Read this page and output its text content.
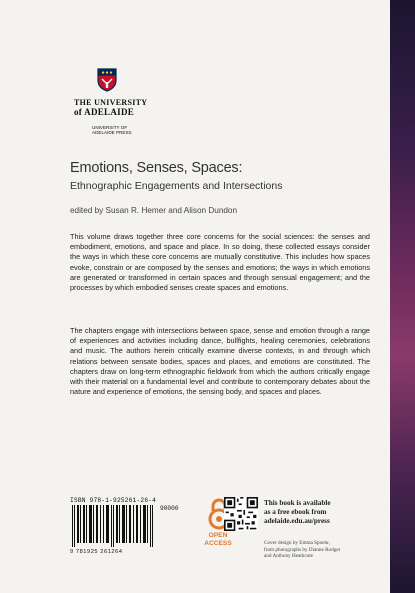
THE UNIVERSITY
of ADELAIDE
UNIVERSITY OF
ADELAIDE PRESS
Emotions, Senses, Spaces:
Ethnographic Engagements and Intersections
edited by Susan R. Hemer and Alison Dundon
This volume draws together three core concerns for the social sciences: the senses and embodiment, emotions, and space and place. In so doing, these collected essays consider the ways in which these core concerns are mutually constitutive. This includes how spaces evoke, constrain or are composed by the senses and emotions; the ways in which emotions are generated or transformed in certain spaces and through sensual engagement; and the processes by which embodied senses create spaces and emotions.
The chapters engage with intersections between space, sense and emotion through a range of experiences and activities including dance, bullfights, healing ceremonies, celebrations and music. The authors herein critically examine diverse contexts, in and through which relations between sensate bodies, spaces and places, and emotions are constituted. The chapters draw on long-term ethnographic fieldwork from which the authors critically engage with their material on a fundamental level and contribute to contemporary debates about the nature and experience of emotions, the sensing body, and spaces and places.
ISBN 978-1-925261-26-4
90000
9 781925 261264
OPEN
ACCESS
This book is available
as a free ebook from
adelaide.edu.au/press
Cover design by Emma Spoehr,
from photographs by Dianne Rodger
and Anthony Heathcote
